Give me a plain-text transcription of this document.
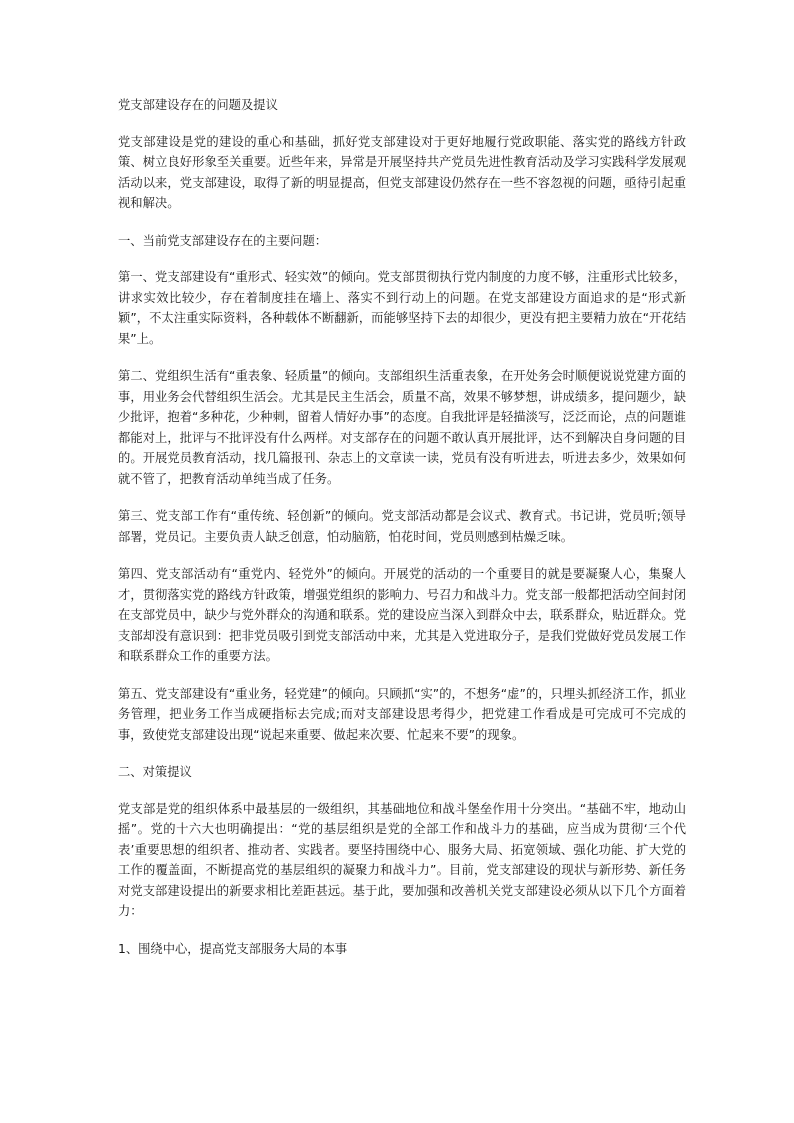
党支部建设存在的问题及提议

党支部建设是党的建设的重心和基础，抓好党支部建设对于更好地履行党政职能、落实党的路线方针政策、树立良好形象至关重要。近些年来，异常是开展坚持共产党员先进性教育活动及学习实践科学发展观活动以来，党支部建设，取得了新的明显提高，但党支部建设仍然存在一些不容忽视的问题，亟待引起重视和解决。

一、当前党支部建设存在的主要问题：

第一、党支部建设有“重形式、轻实效”的倾向。党支部贯彻执行党内制度的力度不够，注重形式比较多，讲求实效比较少，存在着制度挂在墙上、落实不到行动上的问题。在党支部建设方面追求的是“形式新颖”，不太注重实际资料，各种载体不断翻新，而能够坚持下去的却很少，更没有把主要精力放在“开花结果”上。

第二、党组织生活有“重表象、轻质量”的倾向。支部组织生活重表象，在开处务会时顺便说说党建方面的事，用业务会代替组织生活会。尤其是民主生活会，质量不高，效果不够梦想，讲成绩多，提问题少，缺少批评，抱着“多种花，少种刺，留着人情好办事”的态度。自我批评是轻描淡写，泛泛而论，点的问题谁都能对上，批评与不批评没有什么两样。对支部存在的问题不敢认真开展批评，达不到解决自身问题的目的。开展党员教育活动，找几篇报刊、杂志上的文章读一读，党员有没有听进去，听进去多少，效果如何就不管了，把教育活动单纯当成了任务。

第三、党支部工作有“重传统、轻创新”的倾向。党支部活动都是会议式、教育式。书记讲，党员听;领导部署，党员记。主要负责人缺乏创意，怕动脑筋，怕花时间，党员则感到枯燥乏味。

第四、党支部活动有“重党内、轻党外”的倾向。开展党的活动的一个重要目的就是要凝聚人心，集聚人才，贯彻落实党的路线方针政策，增强党组织的影响力、号召力和战斗力。党支部一般都把活动空间封闭在支部党员中，缺少与党外群众的沟通和联系。党的建设应当深入到群众中去，联系群众，贴近群众。党支部却没有意识到：把非党员吸引到党支部活动中来，尤其是入党进取分子，是我们党做好党员发展工作和联系群众工作的重要方法。

第五、党支部建设有“重业务，轻党建”的倾向。只顾抓“实”的，不想务“虚”的，只埋头抓经济工作，抓业务管理，把业务工作当成硬指标去完成;而对支部建设思考得少，把党建工作看成是可完成可不完成的事，致使党支部建设出现“说起来重要、做起来次要、忙起来不要”的现象。

二、对策提议

党支部是党的组织体系中最基层的一级组织，其基础地位和战斗堡垒作用十分突出。“基础不牢，地动山摇”。党的十六大也明确提出：“党的基层组织是党的全部工作和战斗力的基础，应当成为贯彻‘三个代表’重要思想的组织者、推动者、实践者。要坚持围绕中心、服务大局、拓宽领域、强化功能、扩大党的工作的覆盖面，不断提高党的基层组织的凝聚力和战斗力”。目前，党支部建设的现状与新形势、新任务对党支部建设提出的新要求相比差距甚远。基于此，要加强和改善机关党支部建设必须从以下几个方面着力：

1、围绕中心，提高党支部服务大局的本事
